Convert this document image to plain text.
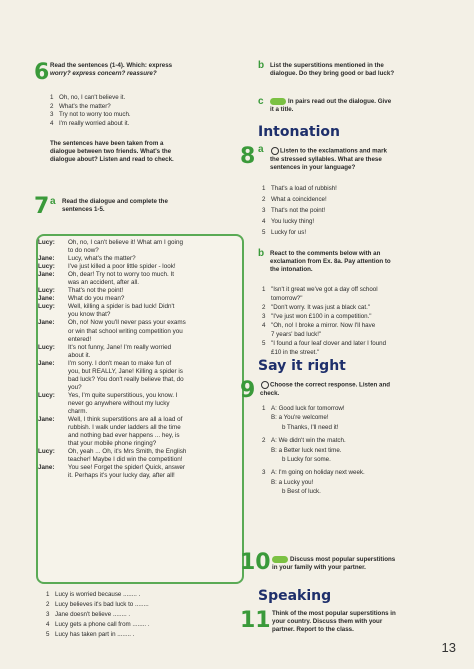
6 Read the sentences (1-4). Which: express
worry? express concern? reassure?
1 Oh, no, I can't believe it.
2 What's the matter?
3 Try not to worry too much.
4 I'm really worried about it.
The sentences have been taken from a
dialogue between two friends. What's the
dialogue about? Listen and read to check.
7 a Read the dialogue and complete the
sentences 1-5.
Lucy:	Oh, no, I can't believe it! What am I going
to do now?
Jane:	Lucy, what's the matter?
Lucy:	I've just killed a poor little spider - look!
Jane:	Oh, dear! Try not to worry too much. It
was an accident, after all.
Lucy:	That's not the point!
Jane:	What do you mean?
Lucy:	Well, killing a spider is bad luck! Didn't
you know that?
Jane:	Oh, no! Now you'll never pass your exams
or win that school writing competition you
entered!
Lucy:	It's not funny, Jane! I'm really worried
about it.
Jane:	I'm sorry. I don't mean to make fun of
you, but REALLY, Jane! Killing a spider is
bad luck? You don't really believe that, do
you?
Lucy:	Yes, I'm quite superstitious, you know. I
never go anywhere without my lucky
charm.
Jane:	Well, I think superstitions are all a load of
rubbish. I walk under ladders all the time
and nothing bad ever happens ... hey, is
that your mobile phone ringing?
Lucy:	Oh, yeah ... Oh, it's Mrs Smith, the English
teacher! Maybe I did win the competition!
Jane:	You see! Forget the spider! Quick, answer
it. Perhaps it's your lucky day, after all!
1 Lucy is worried because ........ .
2 Lucy believes it's bad luck to ........
3 Jane doesn't believe ........ .
4 Lucy gets a phone call from ........ .
5 Lucy has taken part in ........ .
b List the superstitions mentioned in the
dialogue. Do they bring good or bad luck?
c	In pairs read out the dialogue. Give
it a title.
Intonation
8 a	Listen to the exclamations and mark
the stressed syllables. What are these
sentences in your language?
1 That's a load of rubbish!
2 What a coincidence!
3 That's not the point!
4 You lucky thing!
5 Lucky for us!
b React to the comments below with an
exclamation from Ex. 8a. Pay attention to
the intonation.
1 "Isn't it great we've got a day off school
tomorrow?"
2 "Don't worry. It was just a black cat."
3 "I've just won £100 in a competition."
4 "Oh, no! I broke a mirror. Now I'll have
7 years' bad luck!"
5 "I found a four leaf clover and later I found
£10 in the street."
Say it right
9	Choose the correct response. Listen and
check.
1 A: Good luck for tomorrow!
B: a You're welcome!
b Thanks, I'll need it!
2 A: We didn't win the match.
B: a Better luck next time.
b Lucky for some.
3 A: I'm going on holiday next week.
B: a Lucky you!
b Best of luck.
10	Discuss most popular superstitions
in your family with your partner.
Speaking
11 Think of the most popular superstitions in
your country. Discuss them with your
partner. Report to the class.
13
